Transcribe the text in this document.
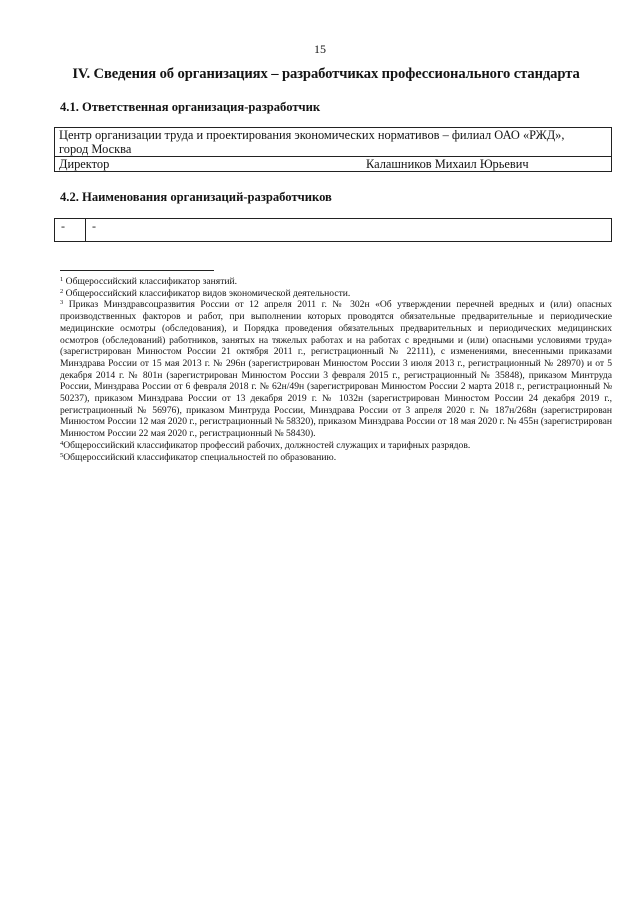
15
IV. Сведения об организациях – разработчиках профессионального стандарта
4.1. Ответственная организация-разработчик
Центр организации труда и проектирования экономических нормативов – филиал ОАО «РЖД»,
город Москва

Директор	Калашников Михаил Юрьевич
4.2. Наименования организаций-разработчиков
-	-

$^1$ Общероссийский классификатор занятий.

$^2$ Общероссийский классификатор видов экономической деятельности.

$^3$ Приказ Минздравсоцразвития России от 12 апреля 2011 г. № 302н «Об утверждении перечней вредных и (или) опасных производственных факторов и работ, при выполнении которых проводятся обязательные предварительные и периодические медицинские осмотры (обследования), и Порядка проведения обязательных предварительных и периодических медицинских осмотров (обследований) работников, занятых на тяжелых работах и на работах с вредными и (или) опасными условиями труда» (зарегистрирован Минюстом России 21 октября 2011 г., регистрационный № 22111), с изменениями, внесенными приказами Минздрава России от 15 мая 2013 г. № 296н (зарегистрирован Минюстом России 3 июля 2013 г., регистрационный № 28970) и от 5 декабря 2014 г. № 801н (зарегистрирован Минюстом России 3 февраля 2015 г., регистрационный № 35848), приказом Минтруда России, Минздрава России от 6 февраля 2018 г. № 62н/49н (зарегистрирован Минюстом России 2 марта 2018 г., регистрационный № 50237), приказом Минздрава России от 13 декабря 2019 г. № 1032н (зарегистрирован Минюстом России 24 декабря 2019 г., регистрационный № 56976), приказом Минтруда России, Минздрава России от 3 апреля 2020 г. № 187н/268н (зарегистрирован Минюстом России 12 мая 2020 г., регистрационный № 58320), приказом Минздрава России от 18 мая 2020 г. № 455н (зарегистрирован Минюстом России 22 мая 2020 г., регистрационный № 58430).

$^4$Общероссийский классификатор профессий рабочих, должностей служащих и тарифных разрядов.

$^5$Общероссийский классификатор специальностей по образованию.
